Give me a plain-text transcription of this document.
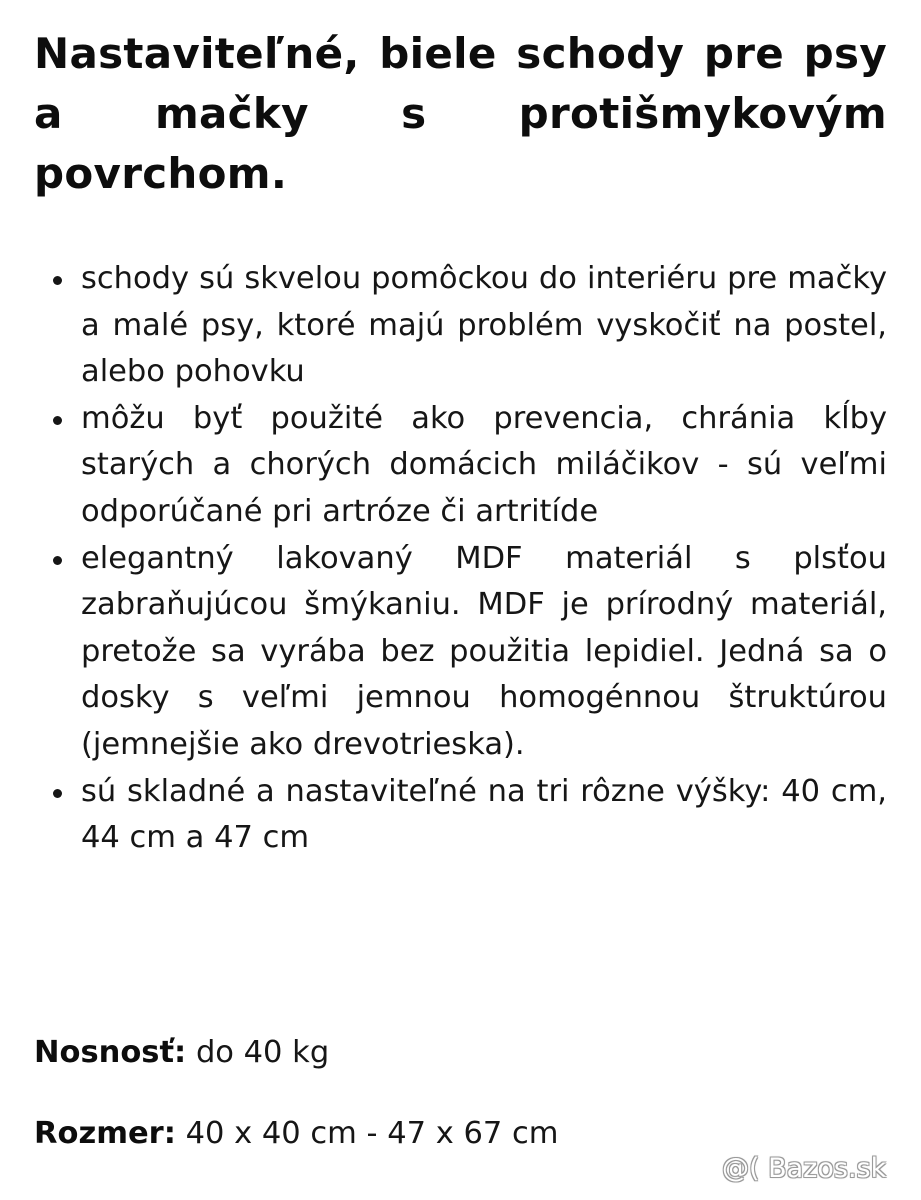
Nastaviteľné, biele schody pre psy a mačky s protišmykovým povrchom.
schody sú skvelou pomôckou do interiéru pre mačky a malé psy, ktoré majú problém vyskočiť na postel, alebo pohovku
môžu byť použité ako prevencia, chránia kĺby starých a chorých domácich miláčikov - sú veľmi odporúčané pri artróze či artritíde
elegantný lakovaný MDF materiál s plsťou zabraňujúcou šmýkaniu. MDF je prírodný materiál, pretože sa vyrába bez použitia lepidiel. Jedná sa o dosky s veľmi jemnou homogénnou štruktúrou (jemnejšie ako drevotrieska).
sú skladné a nastaviteľné na tri rôzne výšky: 40 cm, 44 cm a 47 cm

Nosnosť: do 40 kg

Rozmer: 40 x 40 cm - 47 x 67 cm

@( Bazos.sk
